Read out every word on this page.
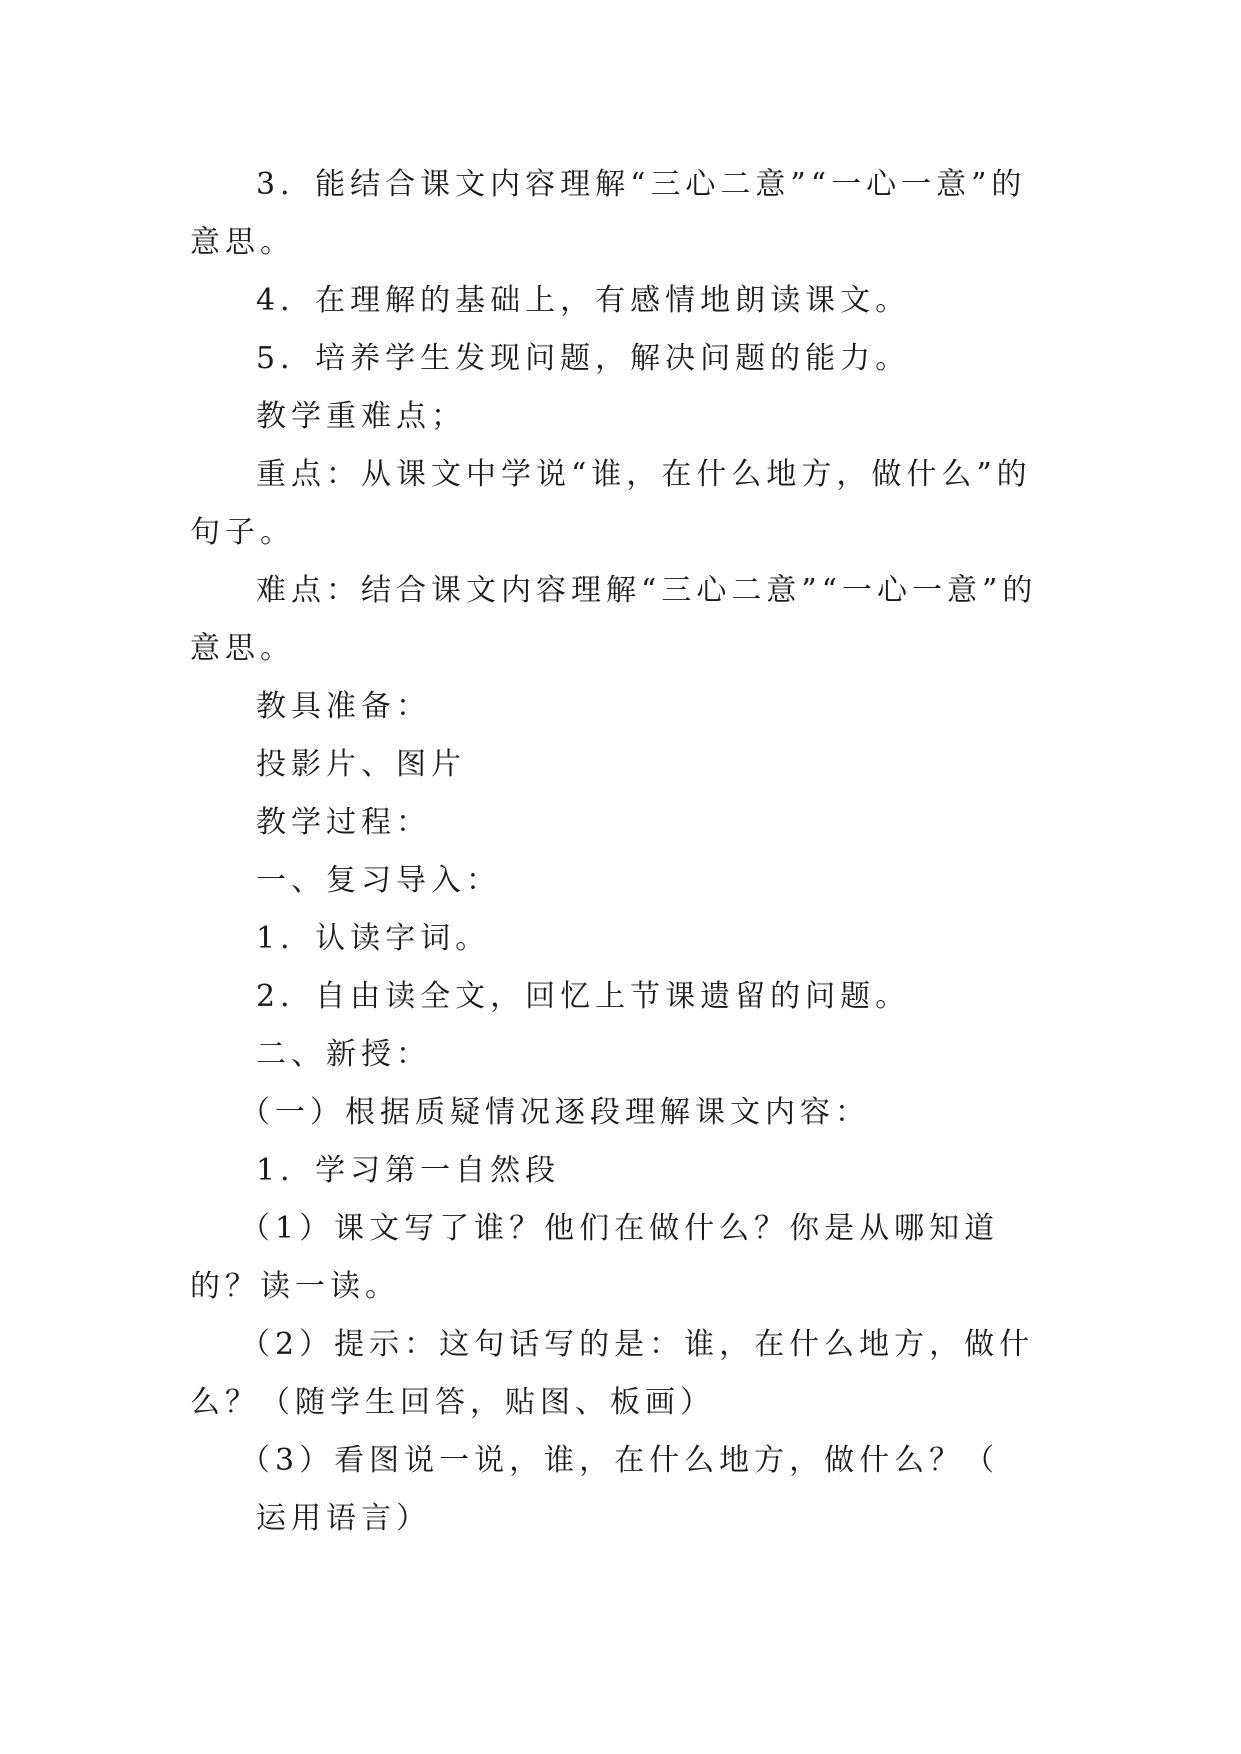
3．能结合课文内容理解“三心二意”“一心一意”的意思。

4．在理解的基础上，有感情地朗读课文。

5．培养学生发现问题，解决问题的能力。

教学重难点；

重点：从课文中学说“谁，在什么地方，做什么”的句子。

难点：结合课文内容理解“三心二意”“一心一意”的意思。

教具准备：

投影片、图片

教学过程：

一、复习导入：

1．认读字词。

2．自由读全文，回忆上节课遗留的问题。

二、新授：

（一）根据质疑情况逐段理解课文内容：

1．学习第一自然段

（1）课文写了谁？他们在做什么？你是从哪知道的？读一读。

（2）提示：这句话写的是：谁，在什么地方，做什么？（随学生回答，贴图、板画）

（3）看图说一说，谁，在什么地方，做什么？（

运用语言）
